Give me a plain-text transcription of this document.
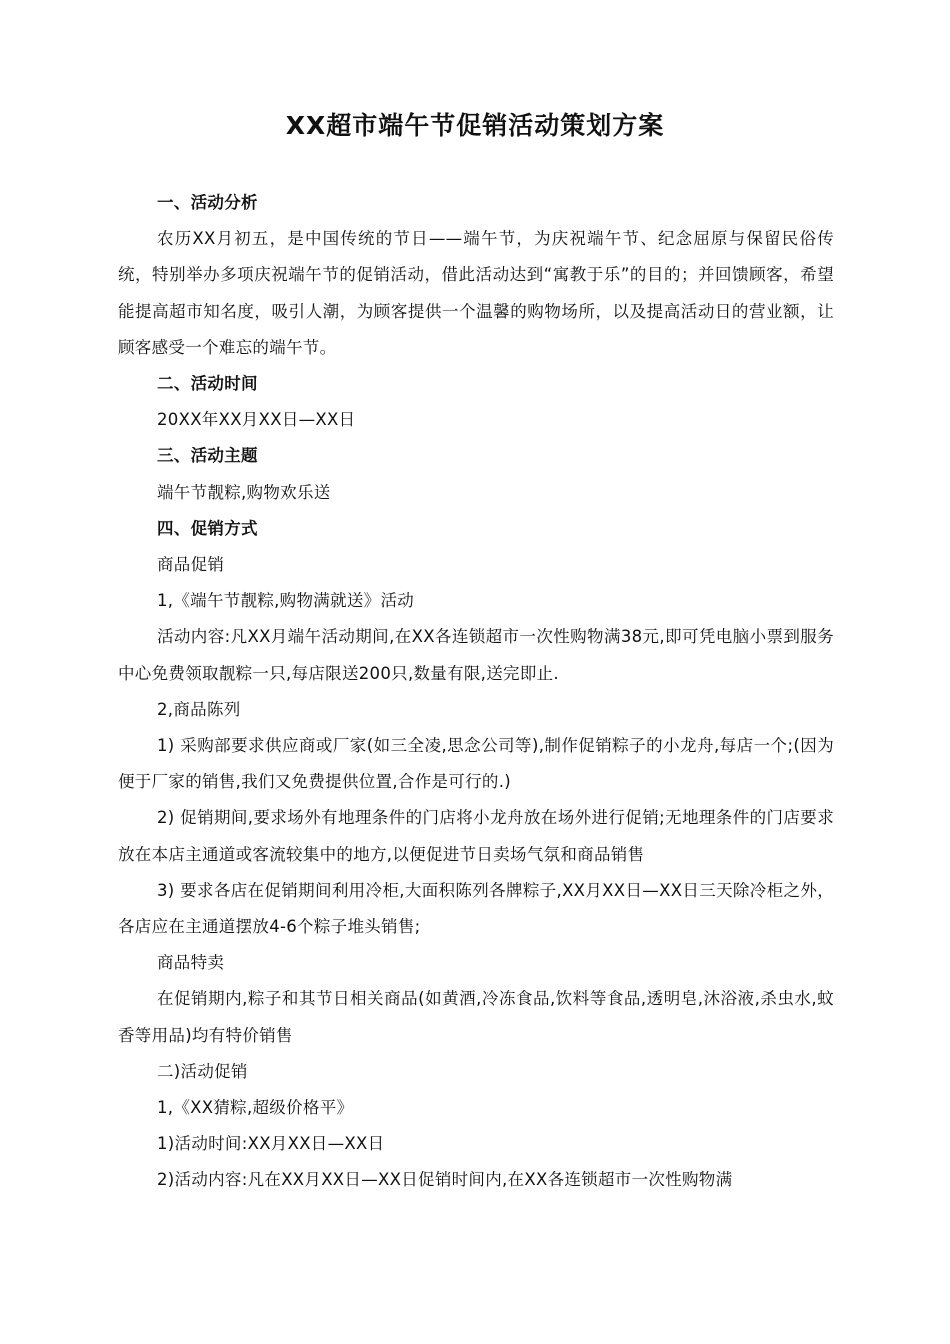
XX超市端午节促销活动策划方案

一、活动分析

农历XX月初五，是中国传统的节日——端午节，为庆祝端午节、纪念屈原与保留民俗传统，特别举办多项庆祝端午节的促销活动，借此活动达到“寓教于乐”的目的；并回馈顾客，希望能提高超市知名度，吸引人潮，为顾客提供一个温馨的购物场所，以及提高活动日的营业额，让顾客感受一个难忘的端午节。

二、活动时间

20XX年XX月XX日—XX日

三、活动主题

端午节靓粽,购物欢乐送

四、促销方式

商品促销

1,《端午节靓粽,购物满就送》活动

活动内容:凡XX月端午活动期间,在XX各连锁超市一次性购物满38元,即可凭电脑小票到服务中心免费领取靓粽一只,每店限送200只,数量有限,送完即止.

2,商品陈列

1) 采购部要求供应商或厂家(如三全凌,思念公司等),制作促销粽子的小龙舟,每店一个;(因为便于厂家的销售,我们又免费提供位置,合作是可行的.)

2) 促销期间,要求场外有地理条件的门店将小龙舟放在场外进行促销;无地理条件的门店要求放在本店主通道或客流较集中的地方,以便促进节日卖场气氛和商品销售

3) 要求各店在促销期间利用冷柜,大面积陈列各牌粽子,XX月XX日—XX日三天除冷柜之外，各店应在主通道摆放4-6个粽子堆头销售;

商品特卖

在促销期内,粽子和其节日相关商品(如黄酒,冷冻食品,饮料等食品,透明皂,沐浴液,杀虫水,蚊香等用品)均有特价销售

二)活动促销

1,《XX猜粽,超级价格平》

1)活动时间:XX月XX日—XX日

2)活动内容:凡在XX月XX日—XX日促销时间内,在XX各连锁超市一次性购物满
